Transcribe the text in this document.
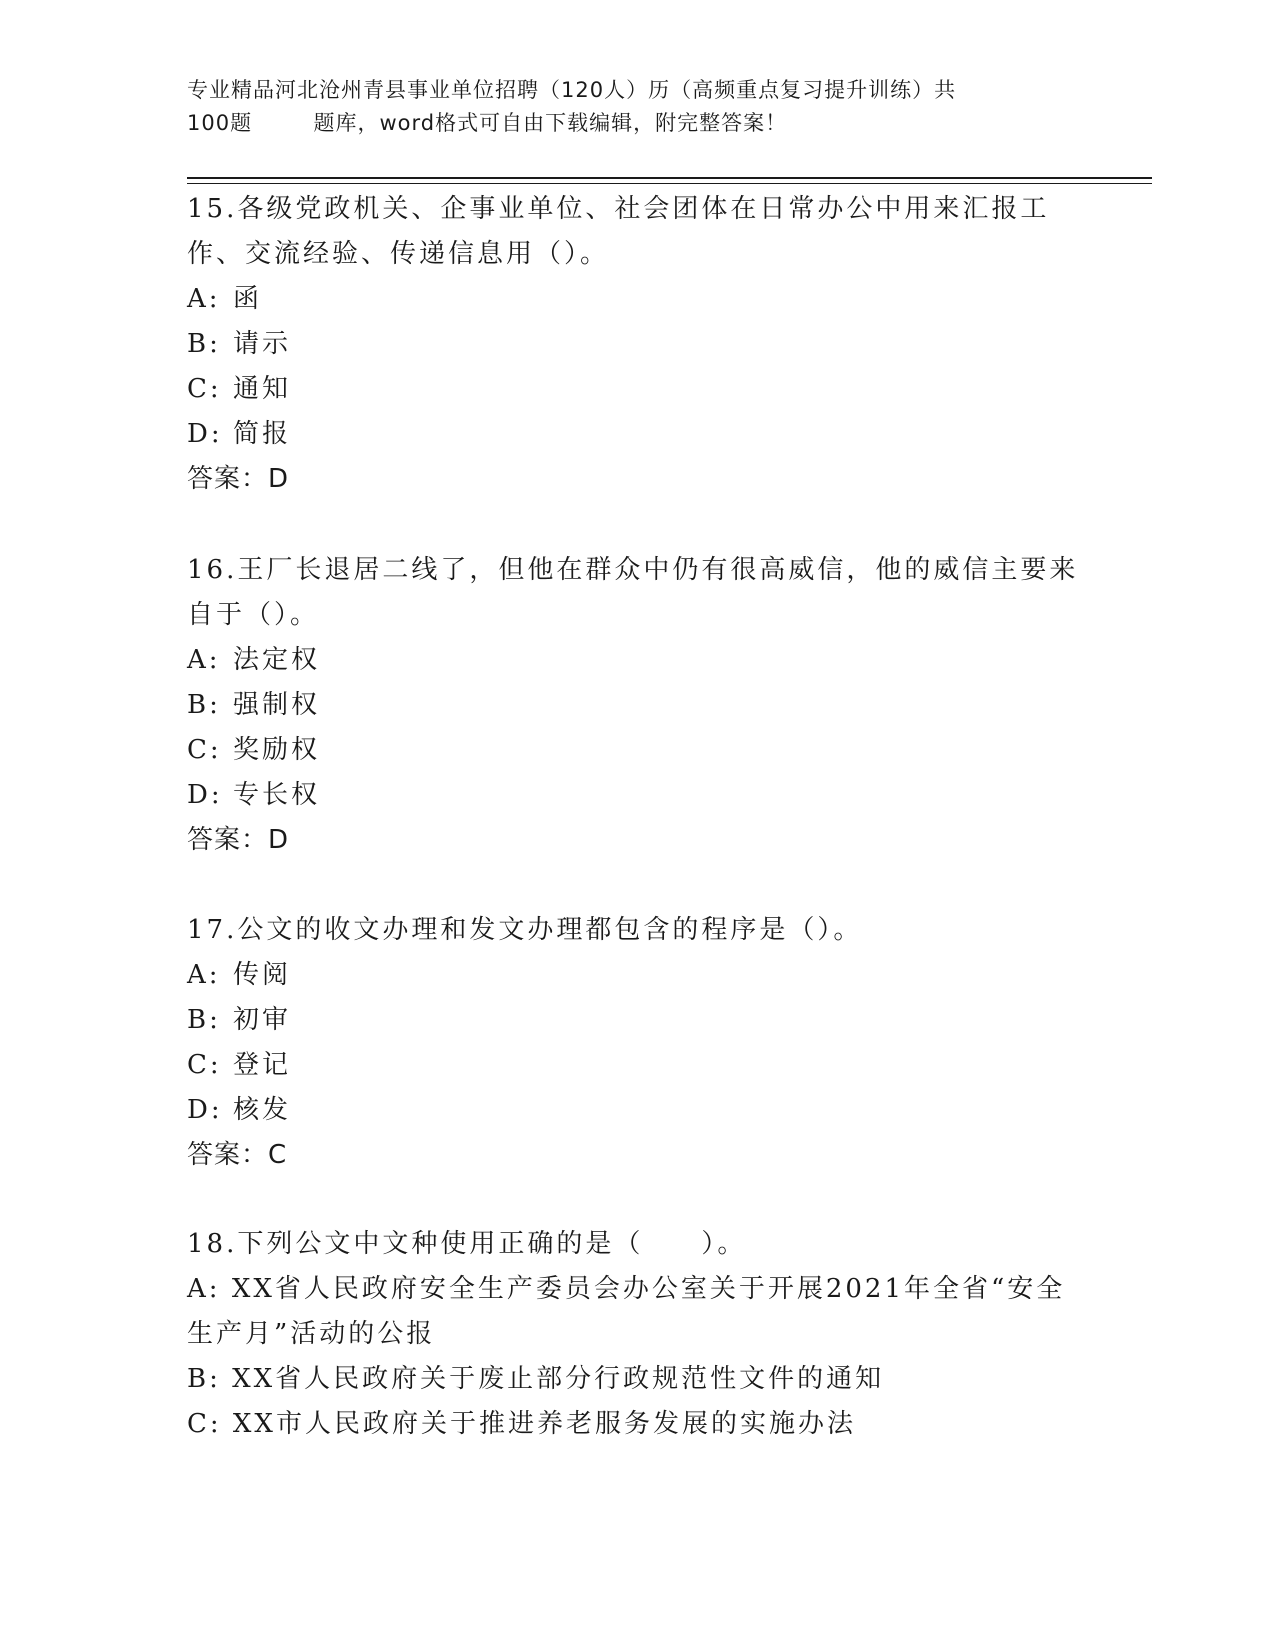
专业精品河北沧州青县事业单位招聘（120人）历（高频重点复习提升训练）共
100题        题库，word格式可自由下载编辑，附完整答案！

15.各级党政机关、企事业单位、社会团体在日常办公中用来汇报工作、交流经验、传递信息用（）。

A: 函

B: 请示

C: 通知

D: 简报

答案：D

16.王厂长退居二线了，但他在群众中仍有很高威信，他的威信主要来自于（）。

A: 法定权

B: 强制权

C: 奖励权

D: 专长权

答案：D

17.公文的收文办理和发文办理都包含的程序是（）。

A: 传阅

B: 初审

C: 登记

D: 核发

答案：C

18.下列公文中文种使用正确的是（　　）。

A: XX省人民政府安全生产委员会办公室关于开展2021年全省“安全生产月”活动的公报

B: XX省人民政府关于废止部分行政规范性文件的通知

C: XX市人民政府关于推进养老服务发展的实施办法
